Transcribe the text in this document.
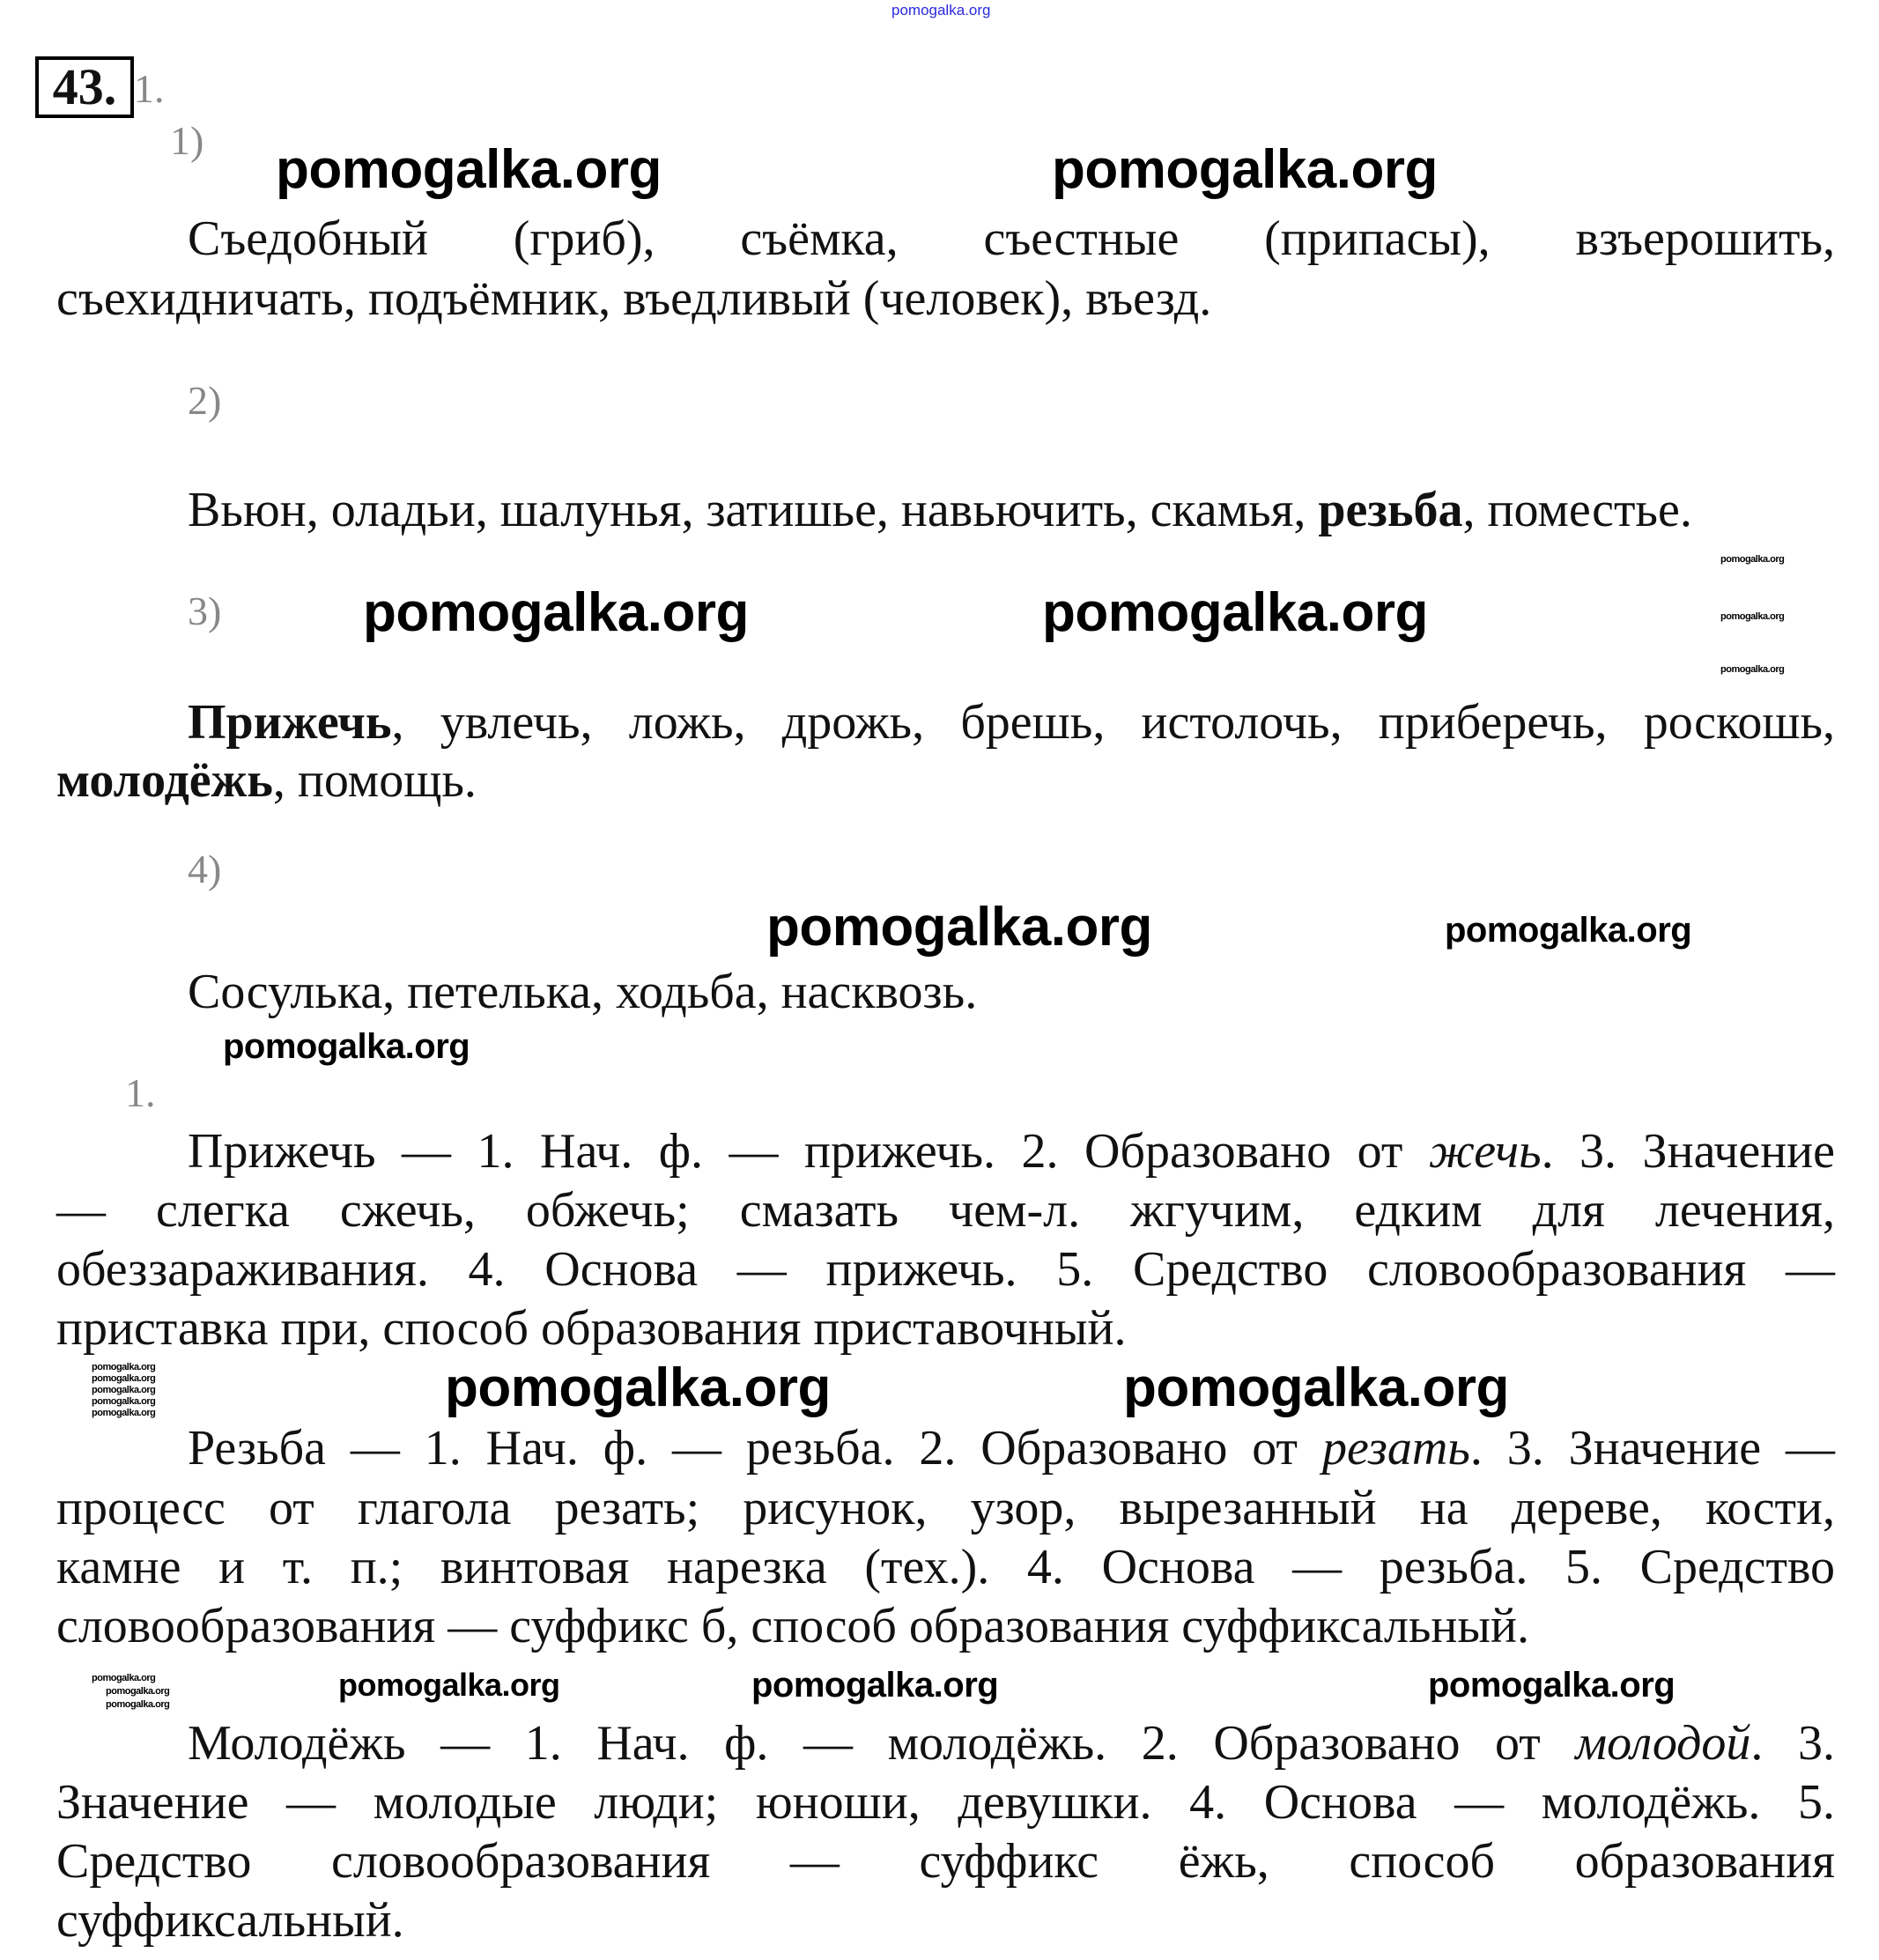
pomogalka.org
43. 1.
1)
2)
3)
4)
1.
Съедобный (гриб), съёмка, съестные (припасы), взъерошить,
съехидничать, подъёмник, въедливый (человек), въезд.
Вьюн, оладьи, шалунья, затишье, навьючить, скамья, резьба, поместье.
Прижечь, увлечь, ложь, дрожь, брешь, истолочь, приберечь, роскошь,
молодёжь, помощь.
Сосулька, петелька, ходьба, насквозь.
Прижечь — 1. Нач. ф. — прижечь. 2. Образовано от жечь. 3. Значение
— слегка сжечь, обжечь; смазать чем-л. жгучим, едким для лечения,
обеззараживания. 4. Основа — прижечь. 5. Средство словообразования —
приставка при, способ образования приставочный.
Резьба — 1. Нач. ф. — резьба. 2. Образовано от резать. 3. Значение —
процесс от глагола резать; рисунок, узор, вырезанный на дереве, кости,
камне и т. п.; винтовая нарезка (тех.). 4. Основа — резьба. 5. Средство
словообразования — суффикс б, способ образования суффиксальный.
Молодёжь — 1. Нач. ф. — молодёжь. 2. Образовано от молодой. 3.
Значение — молодые люди; юноши, девушки. 4. Основа — молодёжь. 5.
Средство словообразования — суффикс ёжь, способ образования
суффиксальный.
pomogalka.org	pomogalka.org
pomogalka.org	pomogalka.org
pomogalka.org
pomogalka.org
pomogalka.org
pomogalka.org	pomogalka.org
pomogalka.org
pomogalka.org
pomogalka.org
pomogalka.org
pomogalka.org
pomogalka.org
pomogalka.org
pomogalka.org	pomogalka.org
pomogalka.org	pomogalka.org	pomogalka.org	pomogalka.org
pomogalka.org
